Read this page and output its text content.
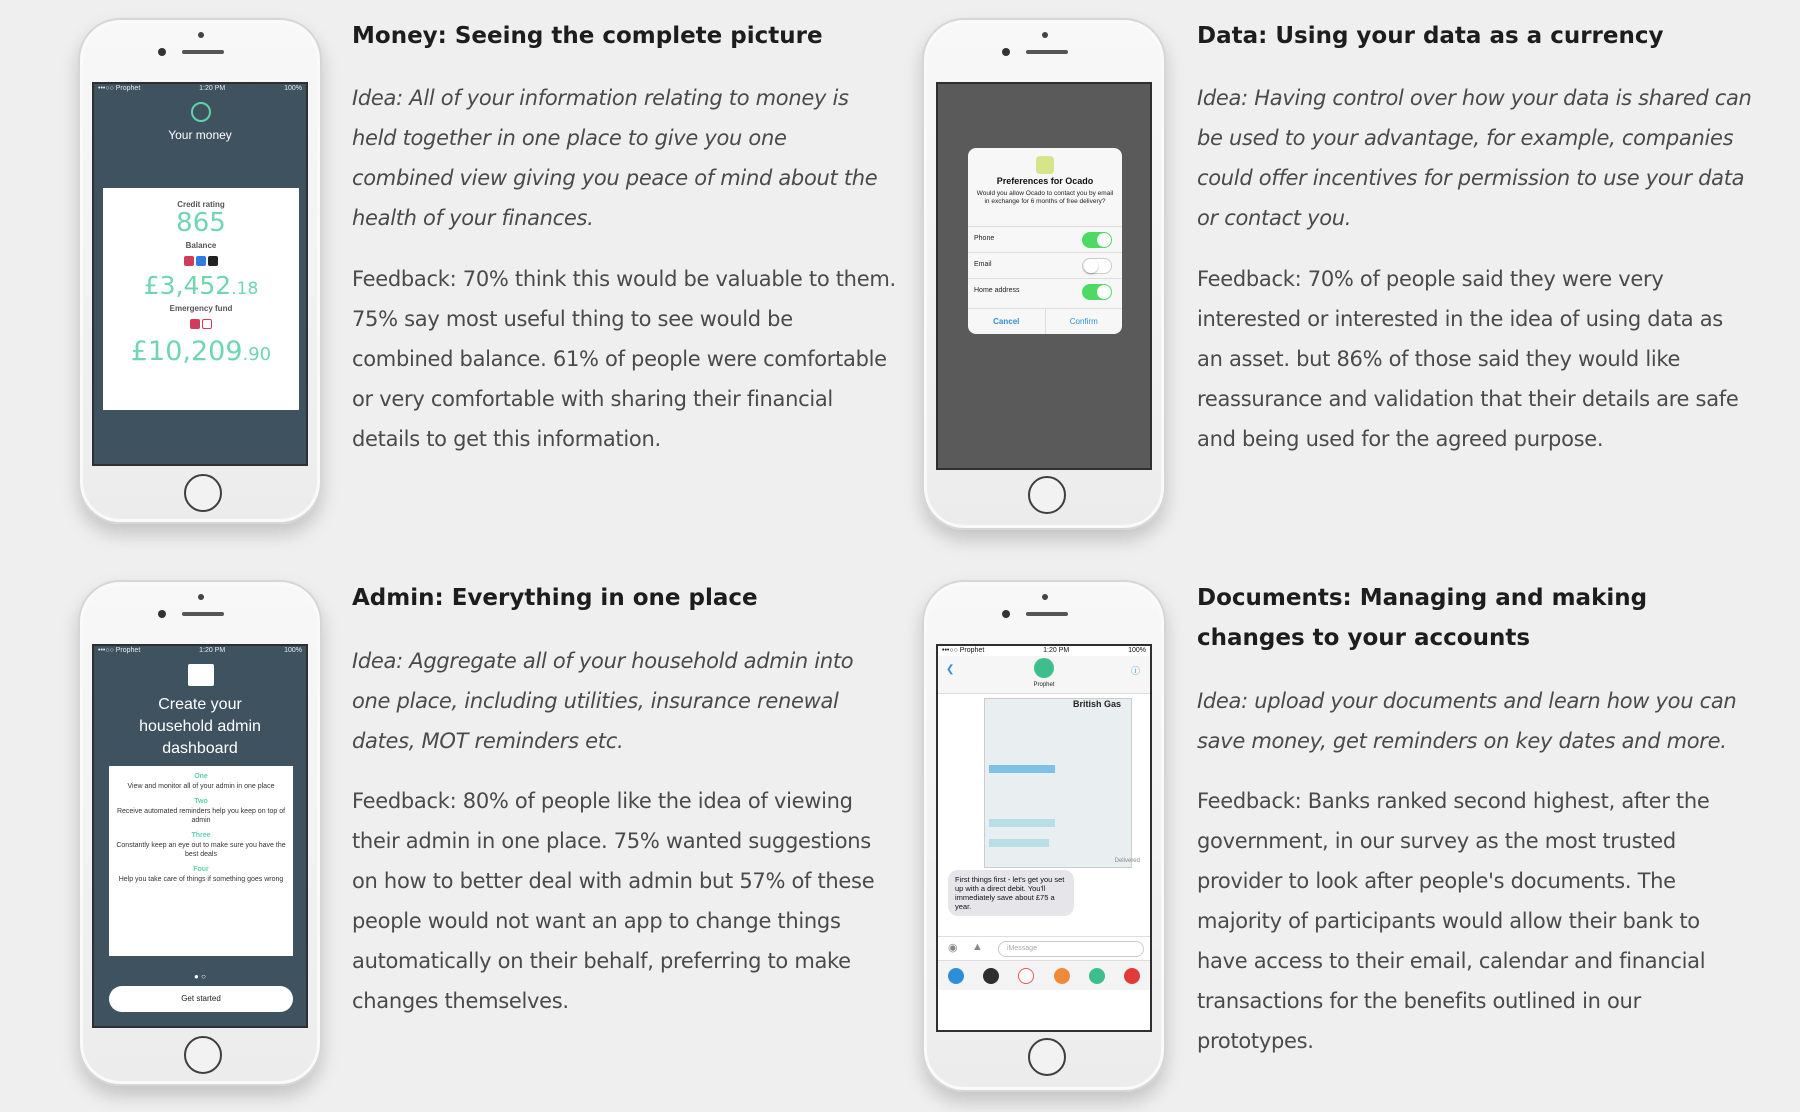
•••○○ Prophet	1:20 PM	100%
Your money
Credit rating
865
Balance
£3,452.18
Emergency fund
£10,209.90
Money: Seeing the complete picture
Idea: All of your information relating to money is held together in one place to give you one combined view giving you peace of mind about the health of your finances.
Feedback: 70% think this would be valuable to them. 75% say most useful thing to see would be combined balance. 61% of people were comfortable or very comfortable with sharing their financial details to get this information.
Preferences for Ocado
Would you allow Ocado to contact you by email in exchange for 6 months of free delivery?
Phone
Email
Home address
Cancel	Confirm
Data: Using your data as a currency
Idea: Having control over how your data is shared can be used to your advantage, for example, companies could offer incentives for permission to use your data or contact you.
Feedback: 70% of people said they were very interested or interested in the idea of using data as an asset. but 86% of those said they would like reassurance and validation that their details are safe and being used for the agreed purpose.
•••○○ Prophet	1:20 PM	100%
Create your household admin dashboard
One
View and monitor all of your admin in one place
Two
Receive automated reminders help you keep on top of admin
Three
Constantly keep an eye out to make sure you have the best deals
Four
Help you take care of things if something goes wrong
● ○
Get started
Admin: Everything in one place
Idea: Aggregate all of your household admin into one place, including utilities, insurance renewal dates, MOT reminders etc.
Feedback: 80% of people like the idea of viewing their admin in one place. 75% wanted suggestions on how to better deal with admin but 57% of these people would not want an app to change things automatically on their behalf, preferring to make changes themselves.
•••○○ Prophet	1:20 PM	100%
❮
Prophet
ⓘ
British Gas
Delivered
First things first - let's get you set up with a direct debit. You'll immediately save about £75 a year.
◉ ▲	iMessage
Documents: Managing and making changes to your accounts
Idea: upload your documents and learn how you can save money, get reminders on key dates and more.
Feedback: Banks ranked second highest, after the government, in our survey as the most trusted provider to look after people's documents. The majority of participants would allow their bank to have access to their email, calendar and financial transactions for the benefits outlined in our prototypes.
